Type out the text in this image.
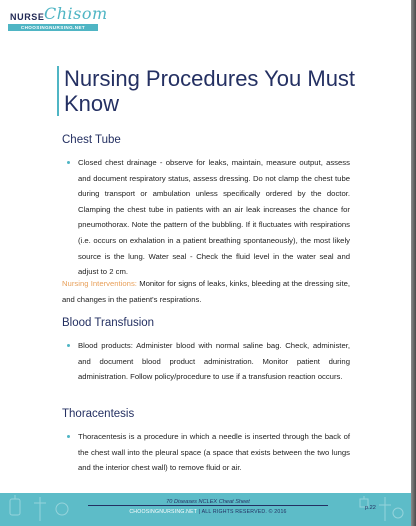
NURSE Chisom
CHOOSINGNURSING.NET
Nursing Procedures You Must Know
Chest Tube
Closed chest drainage - observe for leaks, maintain, measure output, assess and document respiratory status, assess dressing. Do not clamp the chest tube during transport or ambulation unless specifically ordered by the doctor. Clamping the chest tube in patients with an air leak increases the chance for pneumothorax. Note the pattern of the bubbling. If it fluctuates with respirations (i.e. occurs on exhalation in a patient breathing spontaneously), the most likely source is the lung. Water seal - Check the fluid level in the water seal and adjust to 2 cm.
Nursing Interventions: Monitor for signs of leaks, kinks, bleeding at the dressing site, and changes in the patient's respirations.
Blood Transfusion
Blood products: Administer blood with normal saline bag. Check, administer, and document blood product administration. Monitor patient during administration. Follow policy/procedure to use if a transfusion reaction occurs.
Thoracentesis
Thoracentesis is a procedure in which a needle is inserted through the back of the chest wall into the pleural space (a space that exists between the two lungs and the interior chest wall) to remove fluid or air.
70 Diseases NCLEX Cheat Sheet
CHOOSINGNURSING.NET | ALL RIGHTS RESERVED. © 2016
p.22
